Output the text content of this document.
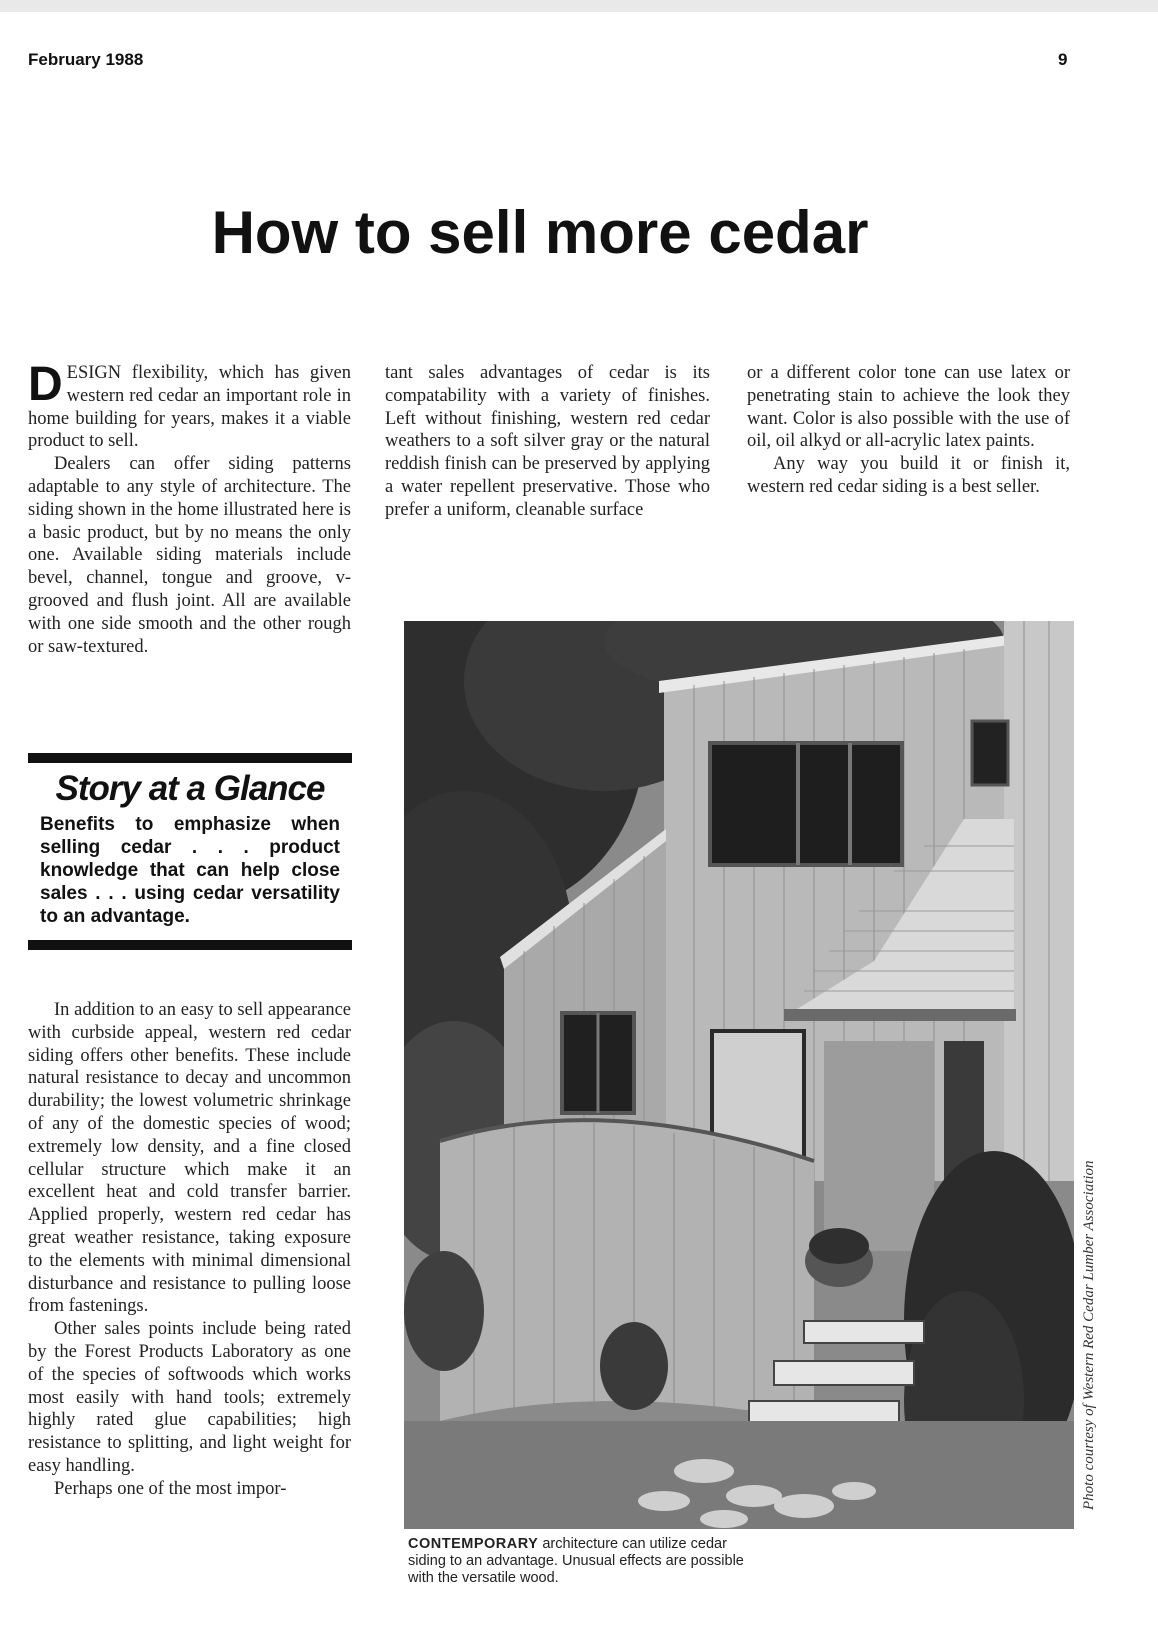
February 1988	9
How to sell more cedar

DESIGN flexibility, which has given western red cedar an important role in home building for years, makes it a viable product to sell.

Dealers can offer siding patterns adaptable to any style of architecture. The siding shown in the home illustrated here is a basic product, but by no means the only one. Available siding materials include bevel, channel, tongue and groove, v-grooved and flush joint. All are available with one side smooth and the other rough or saw-textured.

tant sales advantages of cedar is its compatability with a variety of finishes. Left without finishing, western red cedar weathers to a soft silver gray or the natural reddish finish can be preserved by applying a water repellent preservative. Those who prefer a uniform, cleanable surface

or a different color tone can use latex or penetrating stain to achieve the look they want. Color is also possible with the use of oil, oil alkyd or all-acrylic latex paints.

Any way you build it or finish it, western red cedar siding is a best seller.

Story at a Glance
Benefits to emphasize when selling cedar . . . product knowledge that can help close sales . . . using cedar versatility to an advantage.

In addition to an easy to sell appearance with curbside appeal, western red cedar siding offers other benefits. These include natural resistance to decay and uncommon durability; the lowest volumetric shrinkage of any of the domestic species of wood; extremely low density, and a fine closed cellular structure which make it an excellent heat and cold transfer barrier. Applied properly, western red cedar has great weather resistance, taking exposure to the elements with minimal dimensional disturbance and resistance to pulling loose from fastenings.

Other sales points include being rated by the Forest Products Laboratory as one of the species of softwoods which works most easily with hand tools; extremely highly rated glue capabilities; high resistance to splitting, and light weight for easy handling.

Perhaps one of the most impor-

CONTEMPORARY architecture can utilize cedar siding to an advantage. Unusual effects are possible with the versatile wood.
Photo courtesy of Western Red Cedar Lumber Association
